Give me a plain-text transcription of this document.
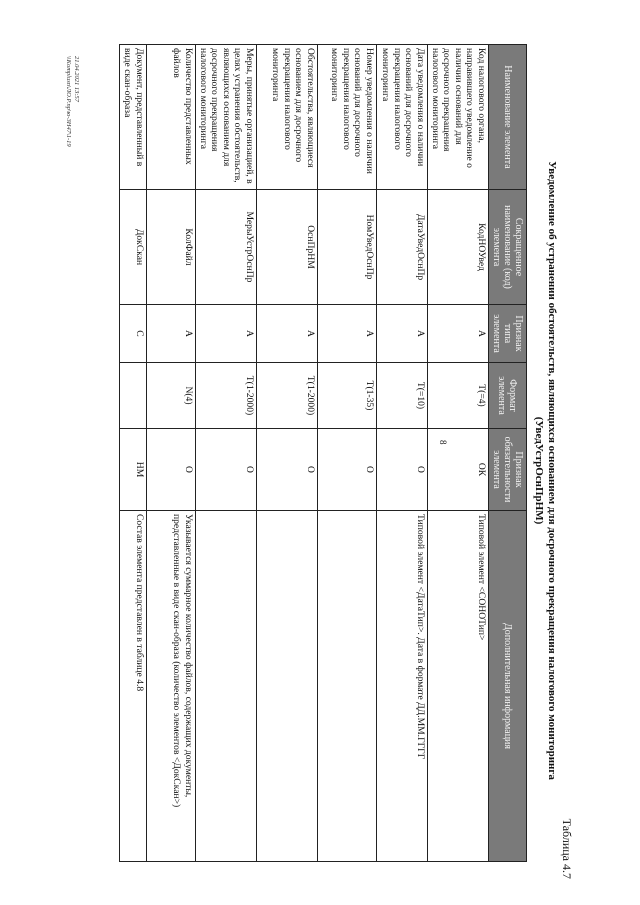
8
Таблица 4.7
Уведомление об устранении обстоятельств, являющихся основанием для досрочного прекращения налогового мониторинга
(УведУстрОснПрНМ)
Наименование элемента	Сокращенное наименование (код) элемента	Признак типа элемента	Формат элемента	Признак обязательности элемента	Дополнительная информация
Код налогового органа, направившего уведомление о наличии оснований для досрочного прекращения налогового мониторинга	КодНОУвед	А	T(=4)	ОК	Типовой элемент <СОНОТип>
Дата уведомления о наличии оснований для досрочного прекращения налогового мониторинга	ДатаУведОснПр	А	T(=10)	О	Типовой элемент <ДатаТип>. Дата в формате ДД.ММ.ГГГГ
Номер уведомления о наличии оснований для досрочного прекращения налогового мониторинга	НомУведОснПр	А	T(1-35)	О	
Обстоятельства, являющиеся основанием для досрочного прекращения налогового мониторинга	ОснПрНМ	А	T(1-2000)	О	
Меры, принятые организацией, в целях устранения обстоятельств, являющихся основанием для досрочного прекращения налогового мониторинга	МерыУстрОснПр	А	T(1-2000)	О	
Количество представленных файлов	КолФайл	А	N(4)	О	Указывается суммарное количество файлов, содержащих документы, представленные в виде скан-образа (количество элементов <ДокСкан>)
Документ, представленный в виде скан-образа	ДокСкан	С		НМ	Состав элемента представлен в таблице 4.8
21.04.2021 13:57
\\Komplusn\ЛО.Р.пр\ю-3H47\1-19
